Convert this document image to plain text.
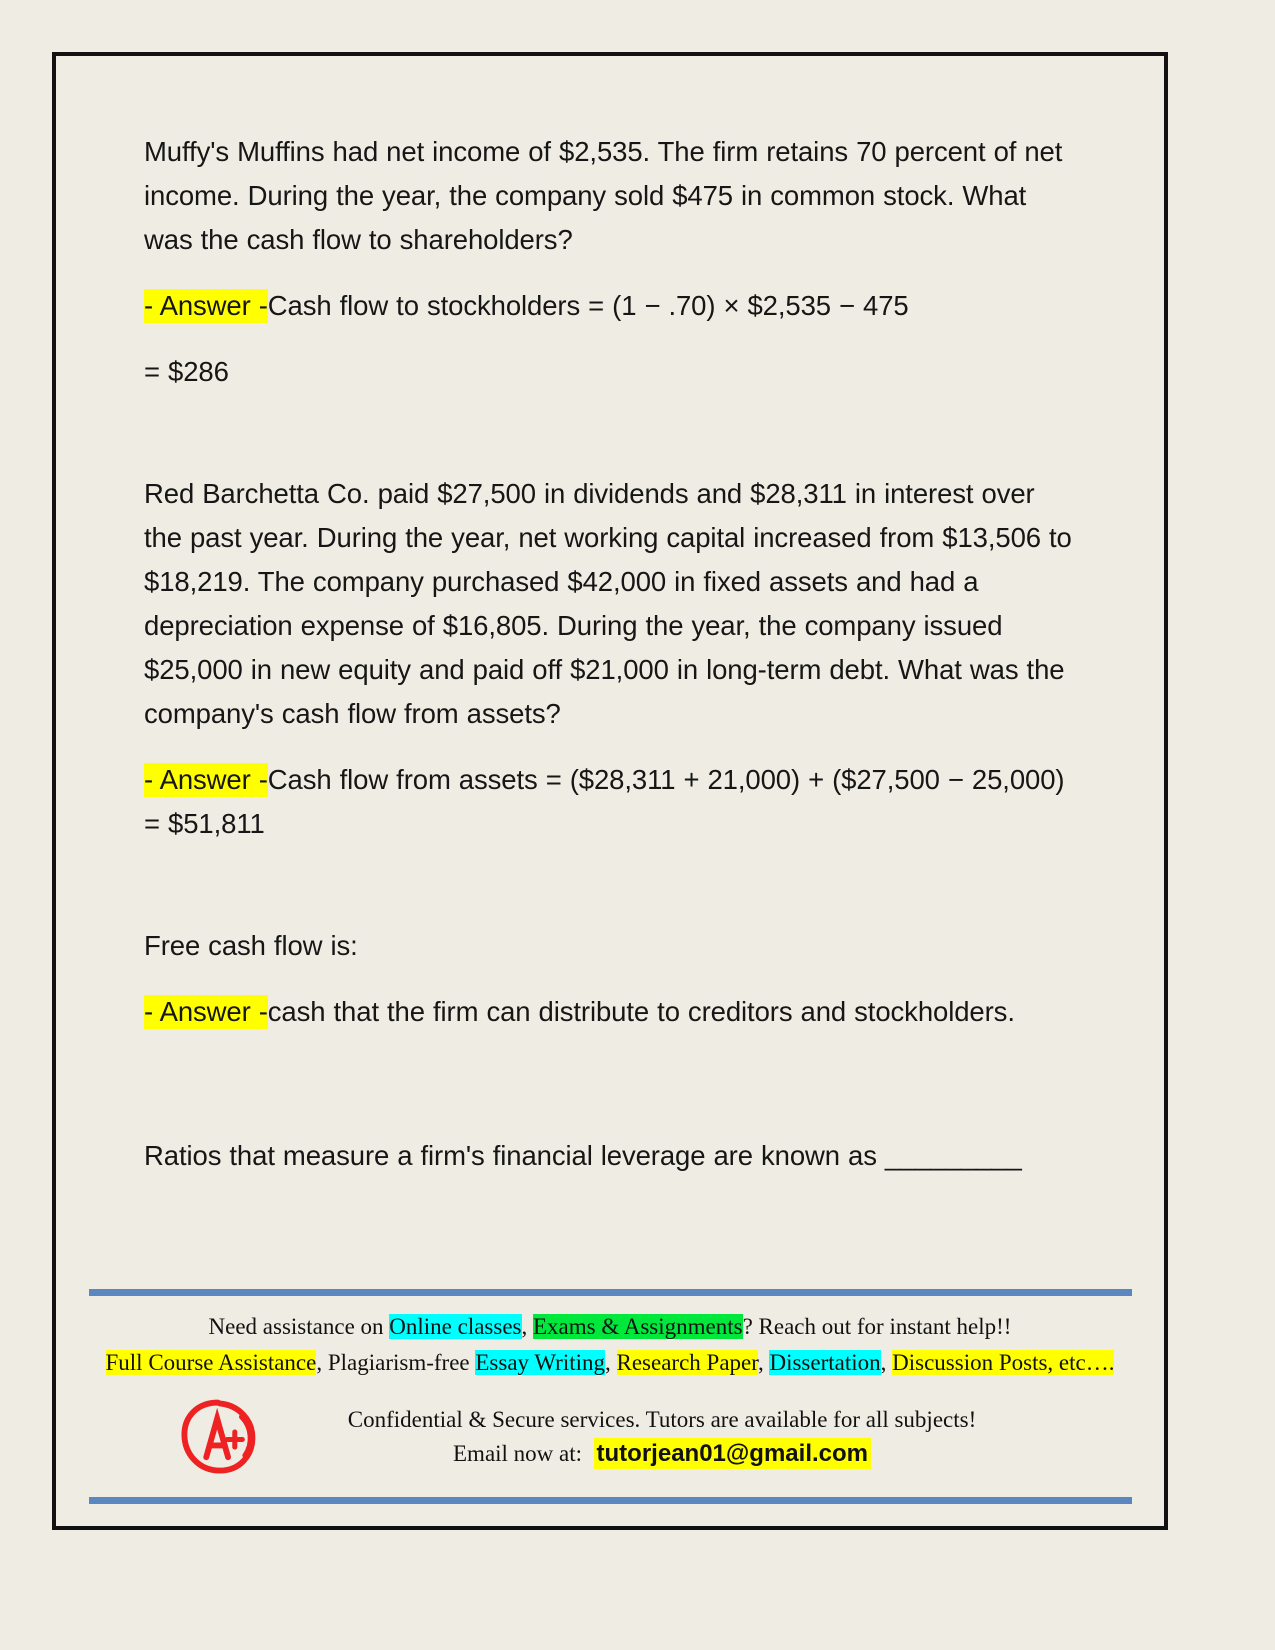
Muffy's Muffins had net income of $2,535. The firm retains 70 percent of net income. During the year, the company sold $475 in common stock. What was the cash flow to shareholders?

- Answer -Cash flow to stockholders = (1 − .70) × $2,535 − 475

= $286

Red Barchetta Co. paid $27,500 in dividends and $28,311 in interest over the past year. During the year, net working capital increased from $13,506 to $18,219. The company purchased $42,000 in fixed assets and had a depreciation expense of $16,805. During the year, the company issued $25,000 in new equity and paid off $21,000 in long-term debt. What was the company's cash flow from assets?

- Answer -Cash flow from assets = ($28,311 + 21,000) + ($27,500 − 25,000) = $51,811

Free cash flow is:

- Answer -cash that the firm can distribute to creditors and stockholders.

Ratios that measure a firm's financial leverage are known as _________

Need assistance on Online classes, Exams & Assignments? Reach out for instant help!!
Full Course Assistance, Plagiarism-free Essay Writing, Research Paper, Dissertation, Discussion Posts, etc….
Confidential & Secure services. Tutors are available for all subjects!
Email now at: tutorjean01@gmail.com
